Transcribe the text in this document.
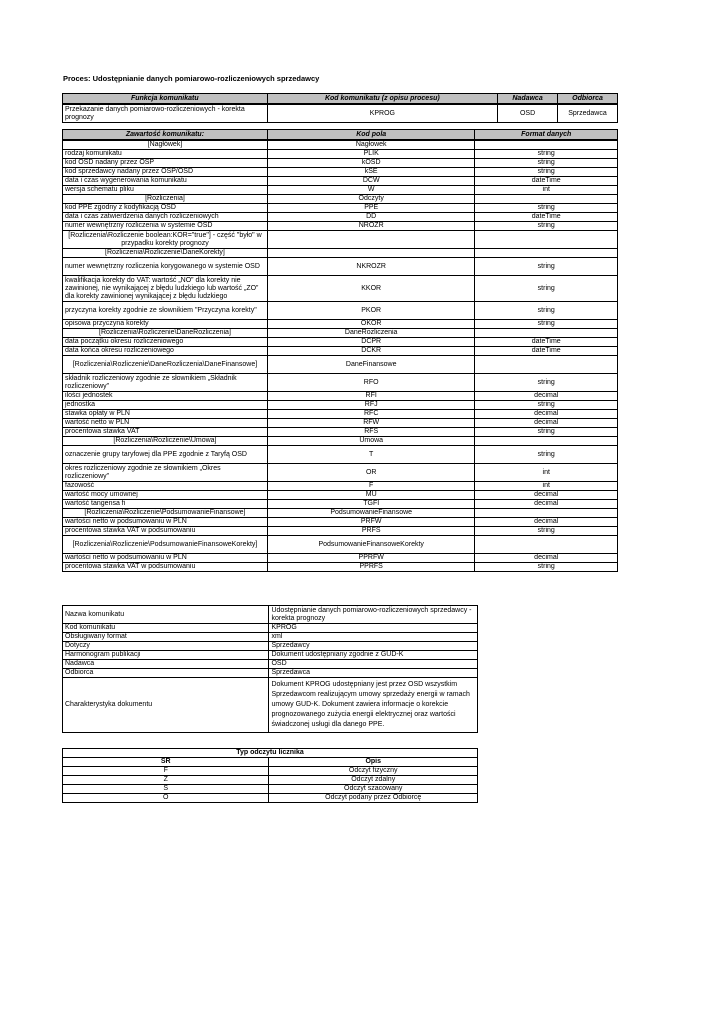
Proces: Udostępnianie danych pomiarowo-rozliczeniowych sprzedawcy
Funkcja komunikatu	Kod komunikatu (z opisu procesu)	Nadawca	Odbiorca
Przekazanie danych pomiarowo-rozliczeniowych - korekta prognozy	KPROG	OSD	Sprzedawca
Zawartość komunikatu:	Kod pola	Format danych
[Nagłówek]	Nagłowek	
rodzaj komunikatu	PLIK	string
kod OSD nadany przez OSP	kOSD	string
kod sprzedawcy nadany przez OSP/OSD	kSE	string
data i czas wygenerowania komunikatu	DCW	dateTime
wersja schematu pliku	W	int
[Rozliczenia]	Odczyty	
kod PPE zgodny z kodyfikacją OSD	PPE	string
data i czas zatwierdzenia danych rozliczeniowych	DD	dateTime
numer wewnętrzny rozliczenia w systemie OSD	NROZR	string
[Rozliczenia\Rozliczenie boolean:KOR="true"] - część "było" w przypadku korekty prognozy		
[Rozliczenia\Rozliczenie\DaneKorekty]		
numer wewnętrzny rozliczenia korygowanego w systemie OSD	NKROZR	string
kwalifikacja korekty do VAT: wartość „NO” dla korekty nie zawinionej, nie wynikającej z błędu ludzkiego lub wartość „ZO” dla korekty zawinionej wynikającej z błędu ludzkiego	KKOR	string
przyczyna korekty zgodnie ze słownikiem "Przyczyna korekty"	PKOR	string
opisowa przyczyna korekty	OKOR	string
[Rozliczenia\Rozliczenie\DaneRozliczenia]	DaneRozliczenia	
data początku okresu rozliczeniowego	DCPR	dateTime
data końca okresu rozliczeniowego	DCKR	dateTime
[Rozliczenia\Rozliczenie\DaneRozliczenia\DaneFinansowe]	DaneFinansowe	
składnik rozliczeniowy zgodnie ze słownikiem „Składnik rozliczeniowy”	RFO	string
ilości jednostek	RFI	decimal
jednostka	RFJ	string
stawka opłaty w PLN	RFC	decimal
wartość netto w PLN	RFW	decimal
procentowa stawka VAT	RFS	string
[Rozliczenia\Rozliczenie\Umowa]	Umowa	
oznaczenie grupy taryfowej dla PPE zgodnie z Taryfą OSD	T	string
okres rozliczeniowy zgodnie ze słownikiem „Okres rozliczeniowy”	OR	int
fazowość	F	int
wartość mocy umownej	MU	decimal
wartość tangensa fi	TGFI	decimal
[Rozliczenia\Rozliczenie\PodsumowanieFinansowe]	PodsumowanieFinansowe	
wartości netto w podsumowaniu w PLN	PRFW	decimal
procentowa stawka VAT w podsumowaniu	PRFS	string
[Rozliczenia\Rozliczenie\PodsumowanieFinansoweKorekty]	PodsumowanieFinansoweKorekty	
wartości netto w podsumowaniu w PLN	PPRFW	decimal
procentowa stawka VAT w podsumowaniu	PPRFS	string
Nazwa komunikatu	Udostępnianie danych pomiarowo-rozliczeniowych sprzedawcy - korekta prognozy
Kod komunikatu	KPROG
Obsługiwany format	xml
Dotyczy	Sprzedawcy
Harmonogram publikacji	Dokument udostępniany zgodnie z GUD-K
Nadawca	OSD
Odbiorca	Sprzedawca
Charakterystyka dokumentu	Dokument KPROG udostępniany jest przez OSD wszystkim Sprzedawcom realizującym umowy sprzedaży energii w ramach umowy GUD-K. Dokument zawiera informacje o korekcie prognozowanego zużycia energii elektrycznej oraz wartości świadczonej usługi dla danego PPE.
Typ odczytu licznika	
SR	Opis
F	Odczyt fizyczny
Z	Odczyt zdalny
S	Odczyt szacowany
O	Odczyt podany przez Odbiorcę
